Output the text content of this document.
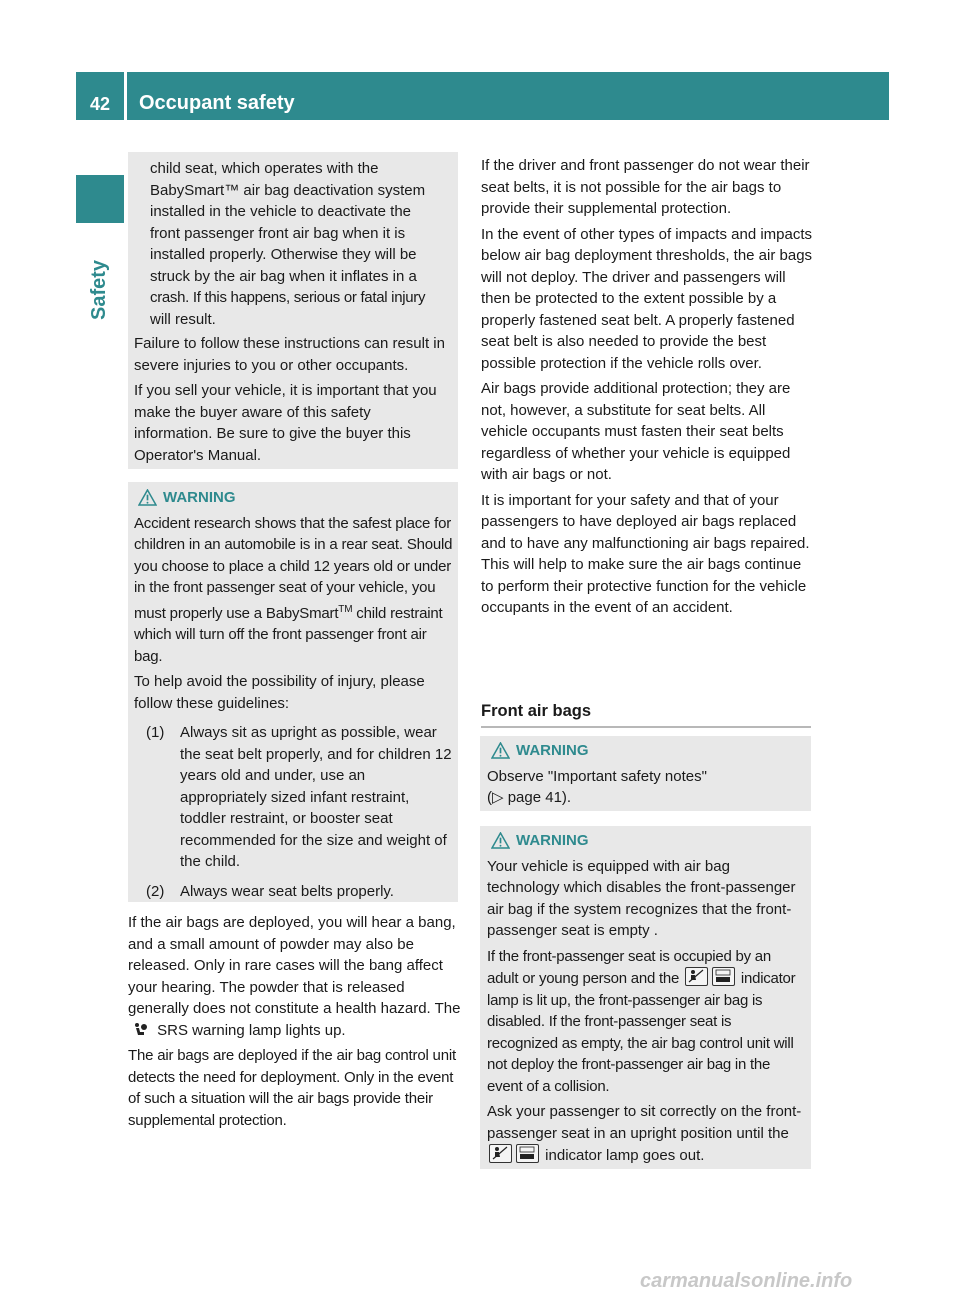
42	Occupant safety
Safety
child seat, which operates with the
BabySmart™ air bag deactivation system
installed in the vehicle to deactivate the
front passenger front air bag when it is
installed properly. Otherwise they will be
struck by the air bag when it inflates in a
crash. If this happens, serious or fatal injury
will result.

Failure to follow these instructions can result in severe injuries to you or other occupants.

If you sell your vehicle, it is important that you make the buyer aware of this safety information. Be sure to give the buyer this Operator's Manual.

WARNING

Accident research shows that the safest place for children in an automobile is in a rear seat. Should you choose to place a child 12 years old or under in the front passenger seat of your vehicle, you must properly use a BabySmart™ child restraint which will turn off the front passenger front air bag.

To help avoid the possibility of injury, please follow these guidelines:

(1)	Always sit as upright as possible, wear the seat belt properly, and for children 12 years old and under, use an appropriately sized infant restraint, toddler restraint, or booster seat recommended for the size and weight of the child.
(2)	Always wear seat belts properly.

If the air bags are deployed, you will hear a bang, and a small amount of powder may also be released. Only in rare cases will the bang affect your hearing. The powder that is released generally does not constitute a health hazard. The
SRS warning lamp lights up.

The air bags are deployed if the air bag control unit detects the need for deployment. Only in the event of such a situation will the air bags provide their supplemental protection.

If the driver and front passenger do not wear their seat belts, it is not possible for the air bags to provide their supplemental protection.

In the event of other types of impacts and impacts below air bag deployment thresholds, the air bags will not deploy. The driver and passengers will then be protected to the extent possible by a properly fastened seat belt. A properly fastened seat belt is also needed to provide the best possible protection if the vehicle rolls over.

Air bags provide additional protection; they are not, however, a substitute for seat belts. All vehicle occupants must fasten their seat belts regardless of whether your vehicle is equipped with air bags or not.

It is important for your safety and that of your passengers to have deployed air bags replaced and to have any malfunctioning air bags repaired. This will help to make sure the air bags continue to perform their protective function for the vehicle occupants in the event of an accident.

Front air bags
WARNING
Observe "Important safety notes"
(▷ page 41).
WARNING

Your vehicle is equipped with air bag technology which disables the front-passenger air bag if the system recognizes that the front-passenger seat is empty .

If the front-passenger seat is occupied by an adult or young person and the	indicator lamp is lit up, the front-passenger air bag is disabled. If the front-passenger seat is recognized as empty, the air bag control unit will not deploy the front-passenger air bag in the event of a collision.

Ask your passenger to sit correctly on the front-passenger seat in an upright position until the
indicator lamp goes out.

carmanualsonline.info
